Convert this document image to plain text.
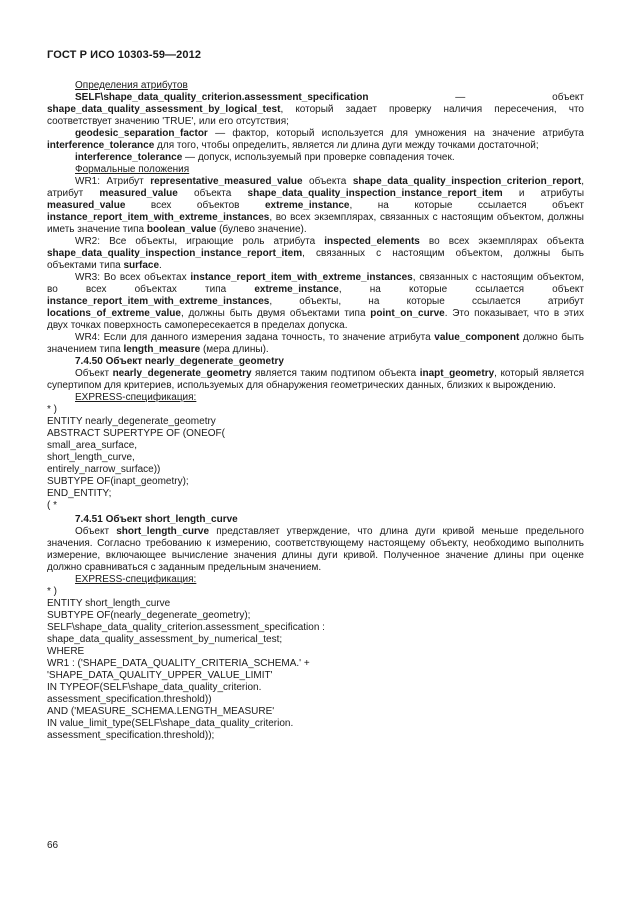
ГОСТ Р ИСО 10303-59—2012

Определения атрибутов

SELF\shape_data_quality_criterion.assessment_specification — объект shape_data_quality_assessment_by_logical_test, который задает проверку наличия пересечения, что соответствует значению 'TRUE', или его отсутствия;

geodesic_separation_factor — фактор, который используется для умножения на значение атрибута interference_tolerance для того, чтобы определить, является ли длина дуги между точками достаточной;

interference_tolerance — допуск, используемый при проверке совпадения точек.

Формальные положения

WR1: Атрибут representative_measured_value объекта shape_data_quality_inspection_criterion_report, атрибут measured_value объекта shape_data_quality_inspection_instance_report_item и атрибуты measured_value всех объектов extreme_instance, на которые ссылается объект instance_report_item_with_extreme_instances, во всех экземплярах, связанных с настоящим объектом, должны иметь значение типа boolean_value (булево значение).

WR2: Все объекты, играющие роль атрибута inspected_elements во всех экземплярах объекта shape_data_quality_inspection_instance_report_item, связанных с настоящим объектом, должны быть объектами типа surface.

WR3: Во всех объектах instance_report_item_with_extreme_instances, связанных с настоящим объектом, во всех объектах типа extreme_instance, на которые ссылается объект instance_report_item_with_extreme_instances, объекты, на которые ссылается атрибут locations_of_extreme_value, должны быть двумя объектами типа point_on_curve. Это показывает, что в этих двух точках поверхность самопересекается в пределах допуска.

WR4: Если для данного измерения задана точность, то значение атрибута value_component должно быть значением типа length_measure (мера длины).

7.4.50 Объект nearly_degenerate_geometry

Объект nearly_degenerate_geometry является таким подтипом объекта inapt_geometry, который является супертипом для критериев, используемых для обнаружения геометрических данных, близких к вырождению.

EXPRESS-спецификация:

* )
ENTITY nearly_degenerate_geometry
ABSTRACT SUPERTYPE OF (ONEOF(
small_area_surface,
short_length_curve,
entirely_narrow_surface))
SUBTYPE OF(inapt_geometry);
END_ENTITY;
( *

7.4.51 Объект short_length_curve

Объект short_length_curve представляет утверждение, что длина дуги кривой меньше предельного значения. Согласно требованию к измерению, соответствующему настоящему объекту, необходимо выполнить измерение, включающее вычисление значения длины дуги кривой. Полученное значение длины при оценке должно сравниваться с заданным предельным значением.

EXPRESS-спецификация:

* )
ENTITY short_length_curve
SUBTYPE OF(nearly_degenerate_geometry);
SELF\shape_data_quality_criterion.assessment_specification :
shape_data_quality_assessment_by_numerical_test;
WHERE
WR1 : ('SHAPE_DATA_QUALITY_CRITERIA_SCHEMA.' +
'SHAPE_DATA_QUALITY_UPPER_VALUE_LIMIT'
IN TYPEOF(SELF\shape_data_quality_criterion.
assessment_specification.threshold))
AND ('MEASURE_SCHEMA.LENGTH_MEASURE'
IN value_limit_type(SELF\shape_data_quality_criterion.
assessment_specification.threshold));
66
